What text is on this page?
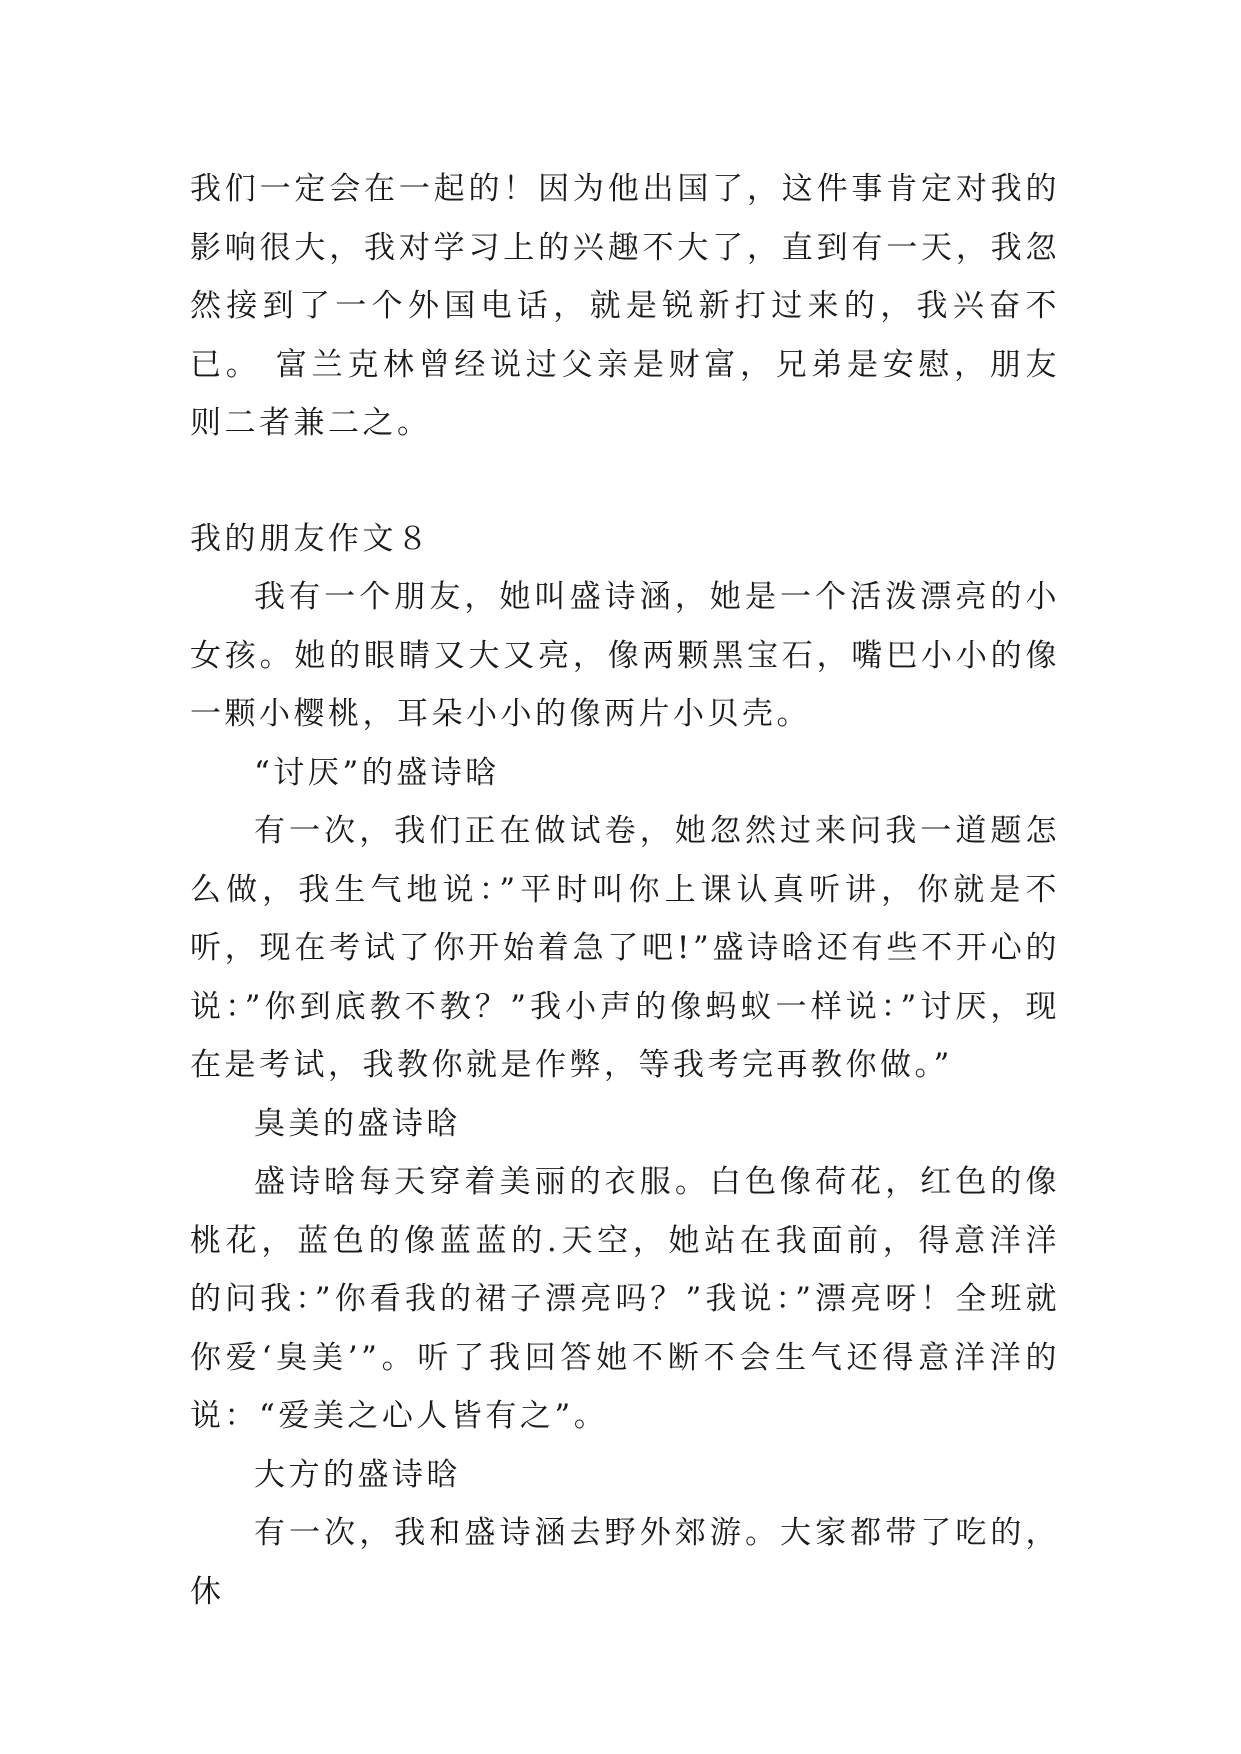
我们一定会在一起的！因为他出国了，这件事肯定对我的影响很大，我对学习上的兴趣不大了，直到有一天，我忽然接到了一个外国电话，就是锐新打过来的，我兴奋不已。 富兰克林曾经说过父亲是财富，兄弟是安慰，朋友则二者兼二之。

我的朋友作文８

我有一个朋友，她叫盛诗涵，她是一个活泼漂亮的小女孩。她的眼睛又大又亮，像两颗黑宝石，嘴巴小小的像一颗小樱桃，耳朵小小的像两片小贝壳。

“讨厌”的盛诗晗

有一次，我们正在做试卷，她忽然过来问我一道题怎么做，我生气地说：”平时叫你上课认真听讲，你就是不听，现在考试了你开始着急了吧!”盛诗晗还有些不开心的说：”你到底教不教？”我小声的像蚂蚁一样说：”讨厌，现在是考试，我教你就是作弊，等我考完再教你做。”

臭美的盛诗晗

盛诗晗每天穿着美丽的衣服。白色像荷花，红色的像桃花，蓝色的像蓝蓝的.天空，她站在我面前，得意洋洋的问我：”你看我的裙子漂亮吗？”我说：”漂亮呀！全班就你爱‘臭美’”。听了我回答她不断不会生气还得意洋洋的说：“爱美之心人皆有之”。

大方的盛诗晗

有一次，我和盛诗涵去野外郊游。大家都带了吃的，休
